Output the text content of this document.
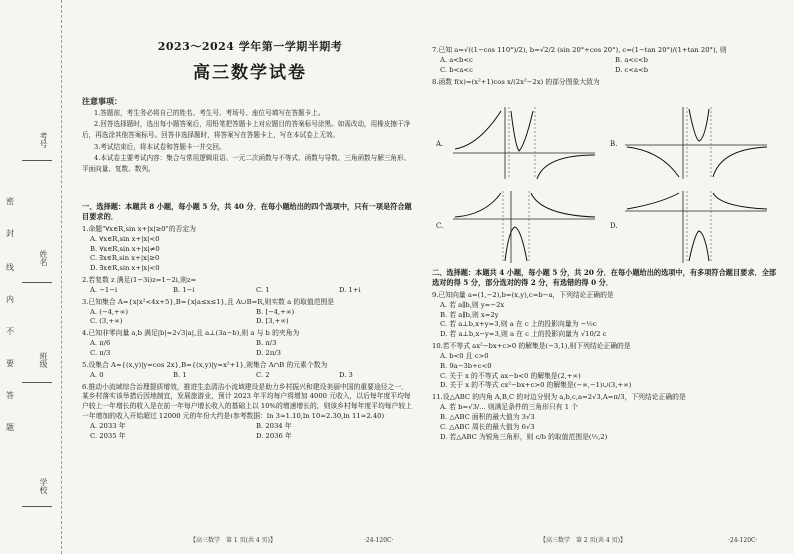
考号
姓名
班级
学校
密
封
线
内
不
要
答
题
2023～2024 学年第一学期半期考
高三数学试卷
注意事项：

1.答题前，考生务必将自己的姓名、考生号、考场号、座位号填写在答题卡上。

2.回答选择题时，选出每小题答案后，用铅笔把答题卡上对应题目的答案标号涂黑。如需改动，用橡皮擦干净后，再选涂其他答案标号。回答非选择题时，将答案写在答题卡上，写在本试卷上无效。

3.考试结束后，将本试卷和答题卡一并交回。

4.本试卷主要考试内容：集合与常用逻辑用语、一元二次函数与不等式、函数与导数、三角函数与解三角形、平面向量、复数、数列。

一、选择题：本题共 8 小题，每小题 5 分，共 40 分．在每小题给出的四个选项中，只有一项是符合题目要求的．
1.命题"∀x∈R,sin x+|x|≥0"的否定为
A. ∀x∈R,sin x+|x|<0
B. ∀x∈R,sin x+|x|≠0
C. ∃x∈R,sin x+|x|≥0
D. ∃x∈R,sin x+|x|<0
2.若复数 z 满足(1−3i)z=1−2i,则z=
A. −1−i	B. 1−i	C. 1	D. 1+i
3.已知集合 A={x|x²<4x+5},B={x|a≤x≤1},且 A∪B=R,则实数 a 的取值范围是
A. (−4,+∞)	B. [−4,+∞)
C. (3,+∞)	D. [3,+∞)
4.已知非零向量 a,b 满足|b|=2√3|a|,且 a⊥(3a−b),则 a 与 b 的夹角为
A. π/6	B. π/3
C. π/3	D. 2π/3
5.设集合 A={(x,y)|y=cos 2x},B={(x,y)|y=x²+1},则集合 A∩B 的元素个数为
A. 0	B. 1	C. 2	D. 3
6.推动小流域综合治理提质增效，推进生态清洁小流域建设是助力乡村振兴和建设美丽中国的重要途径之一．某乡村落实该举措后因地制宜，发展旅游业，预计 2023 年平均每户将增加 4000 元收入，以后每年度平均每户较上一年增长的收入是在前一年每户增长收入的基础上以 10%的增速增长的，则该乡村每年度平均每户较上一年增加的收入开始超过 12000 元的年份大约是(参考数据：ln 3≈1.10,ln 10≈2.30,ln 11≈2.40)
A. 2033 年	B. 2034 年
C. 2035 年	D. 2036 年
【高三数学　第 1 页(共 4 页)】	·24-120C·
7.已知 a=√((1−cos 110°)/2), b=√2/2 (sin 20°+cos 20°), c=(1−tan 20°)/(1+tan 20°), 则
A. a<b<c	B. a<c<b
C. b<a<c	D. c<a<b
8.函数 f(x)=(x²+1)cos x/(2x²−2x) 的部分图象大致为
A.	B.
C.	D.
二、选择题：本题共 4 小题，每小题 5 分，共 20 分．在每小题给出的选项中，有多项符合题目要求．全部选对的得 5 分，部分选对的得 2 分，有选错的得 0 分．
9.已知向量 a=(1,−2),b=(x,y),c=b−a，下列结论正确的是
A. 若 a∥b,则 y=−2x
B. 若 a∥b,则 x=2y
C. 若 a⊥b,x+y=3,则 a 在 c 上的投影向量为 −½c
D. 若 a⊥b,x−y=3,则 a 在 c 上的投影向量为 √10/2 c
10.若不等式 ax²−bx+c>0 的解集是(−3,1),则下列结论正确的是
A. b<0 且 c>0
B. 9a−3b+c<0
C. 关于 x 的不等式 ax−b<0 的解集是(2,+∞)
D. 关于 x 的不等式 cx²−bx+c>0 的解集是(−∞,−1)∪(3,+∞)
11.设△ABC 的内角 A,B,C 的对边分别为 a,b,c,a=2√3,A=π/3，下列结论正确的是
A. 若 b=√3/... 则满足条件的三角形只有 1 个
B. △ABC 面积的最大值为 3√3
C. △ABC 周长的最大值为 6√3
D. 若△ABC 为锐角三角形，则 c/b 的取值范围是(½,2)
【高三数学　第 2 页(共 4 页)】	·24-120C·
